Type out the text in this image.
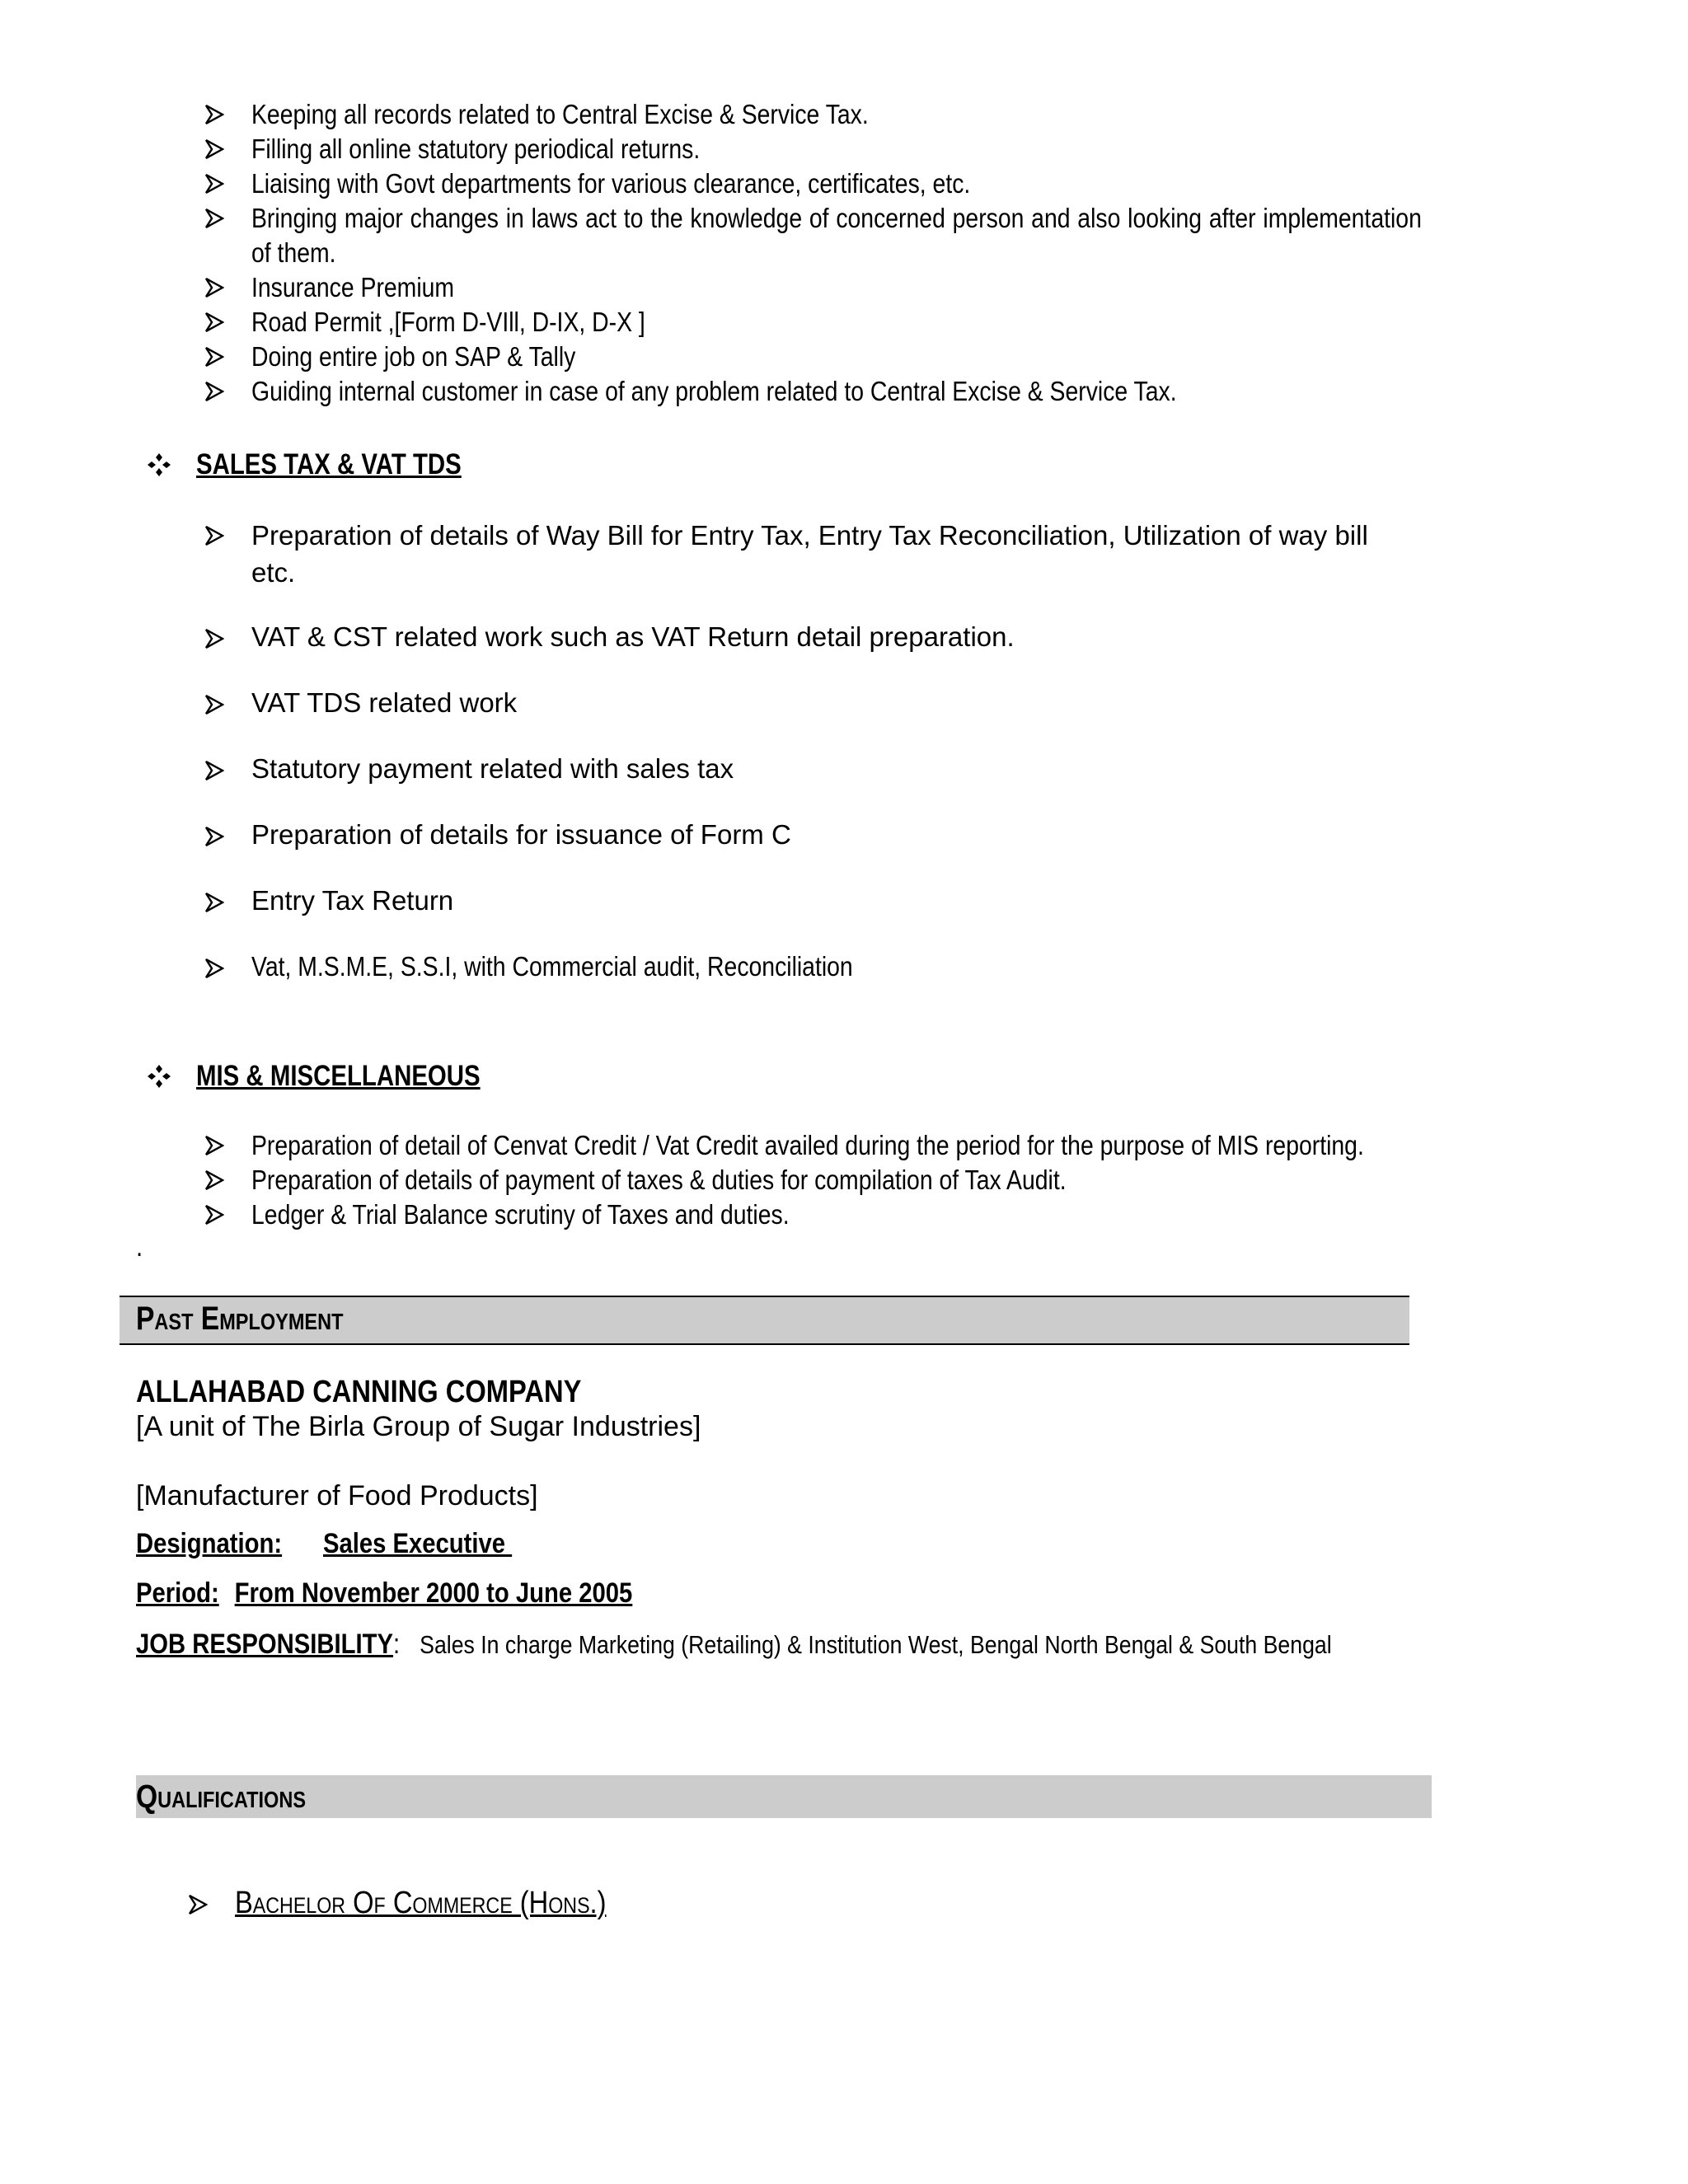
Keeping all records related to Central Excise & Service Tax.
Filling all online statutory periodical returns.
Liaising with Govt departments for various clearance, certificates, etc.
Bringing major changes in laws act to the knowledge of concerned person and also looking after implementation of them.
Insurance Premium
Road Permit ,[Form D-VIll, D-IX, D-X ]
Doing entire job on SAP & Tally
Guiding internal customer in case of any problem related to Central Excise & Service Tax.
SALES TAX & VAT TDS
Preparation of details of Way Bill for Entry Tax, Entry Tax Reconciliation, Utilization of way bill etc.
VAT & CST related work such as VAT Return detail preparation.
VAT TDS related work
Statutory payment related with sales tax
Preparation of details for issuance of Form C
Entry Tax Return
Vat, M.S.M.E, S.S.I, with Commercial audit, Reconciliation
MIS & MISCELLANEOUS
Preparation of detail of Cenvat Credit / Vat Credit availed during the period for the purpose of MIS reporting.
Preparation of details of payment of taxes & duties for compilation of Tax Audit.
Ledger & Trial Balance scrutiny of Taxes and duties.
.
Past Employment
ALLAHABAD CANNING COMPANY
[A unit of The Birla Group of Sugar Industries]
[Manufacturer of Food Products]
Designation: Sales Executive
Period: From November 2000 to June 2005
JOB RESPONSIBILITY: Sales In charge Marketing (Retailing) & Institution West, Bengal North Bengal & South Bengal
Qualifications
Bachelor Of Commerce (Hons.)
